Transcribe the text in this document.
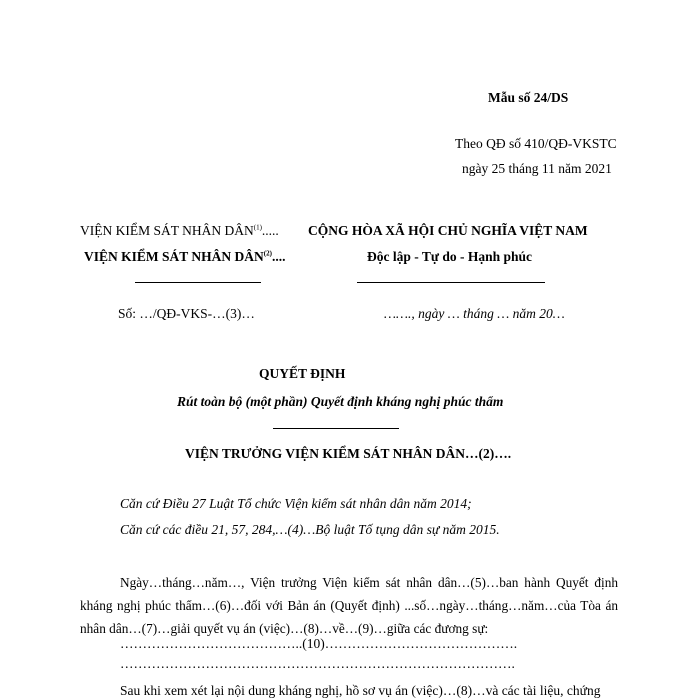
Mẫu số 24/DS
Theo QĐ số 410/QĐ-VKSTC
ngày 25 tháng 11 năm 2021
VIỆN KIỂM SÁT NHÂN DÂN$^{(1)}$.....
VIỆN KIỂM SÁT NHÂN DÂN$^{(2)}$....
Số: …/QĐ-VKS-…(3)…
CỘNG HÒA XÃ HỘI CHỦ NGHĨA VIỆT NAM
Độc lập - Tự do - Hạnh phúc
……., ngày … tháng … năm 20…
QUYẾT ĐỊNH
Rút toàn bộ (một phần) Quyết định kháng nghị phúc thẩm
VIỆN TRƯỞNG VIỆN KIỂM SÁT NHÂN DÂN…(2)….
Căn cứ Điều 27 Luật Tổ chức Viện kiểm sát nhân dân năm 2014;
Căn cứ các điều 21, 57, 284,…(4)…Bộ luật Tố tụng dân sự năm 2015.
Ngày…tháng…năm…, Viện trưởng Viện kiểm sát nhân dân…(5)…ban hành Quyết định kháng nghị phúc thẩm…(6)…đối với Bản án (Quyết định) ...số…ngày…tháng…năm…của Tòa án nhân dân…(7)…giải quyết vụ án (việc)…(8)…về…(9)…giữa các đương sự:
…………………………………..(10)…………………………………….
…………………………………………………………………………….
Sau khi xem xét lại nội dung kháng nghị, hồ sơ vụ án (việc)…(8)…và các tài liệu, chứng
